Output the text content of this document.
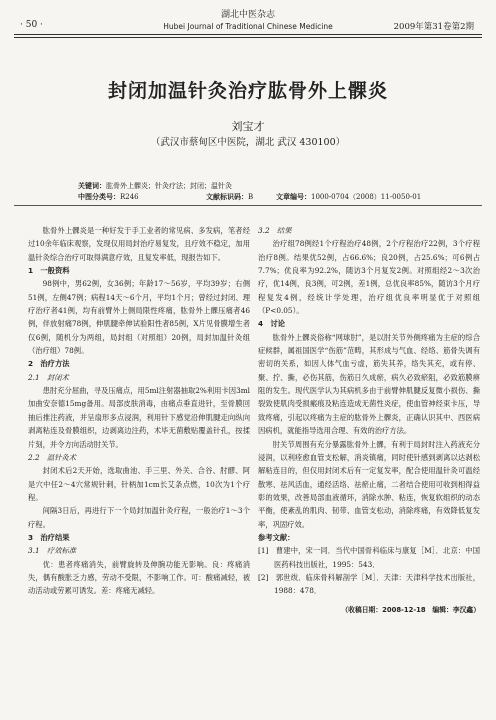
· 50 ·
湖北中医杂志
Hubei Journal of Traditional Chinese Medicine	2009年第31卷第2期
封闭加温针灸治疗肱骨外上髁炎
刘宝才
（武汉市蔡甸区中医院，湖北 武汉 430100）
关键词：肱骨外上髁炎；针灸疗法；封闭；温针灸
中图分类号：R246	文献标识码：B	文章编号：1000-0704（2008）11-0050-01

肱骨外上髁炎是一种好发于手工业者的常见病、多发病，笔者经过10余年临床观察，发现仅用局封治疗易复发，且疗效不稳定，加用温针灸综合治疗可取得满意疗效，且复发率低，现报告如下。

1　一般资料

98例中，男62例，女36例；年龄17～56岁，平均39岁；右侧51例，左侧47例；病程14天～6个月，平均1个月；曾经过封闭、理疗治疗者41例，均有前臂外上侧局限性疼痛，肱骨外上髁压痛者46例，伴放射痛78例，伸肌腱牵伸试验阳性者85例，X片见骨膜增生者仅6例，随机分为两组，局封组（对照组）20例，局封加温针灸组（治疗组）78例。

2　治疗方法

2.1　封闭术

患肘充分屈曲，寻及压痛点，用5ml注射器抽取2%利用卡因3ml加曲安奈德15mg备用。局部皮肤消毒，由痛点垂直进针，至骨膜回抽后推注药液，并呈扇形多点浸润，利用针下感觉沿伸肌腱走向纵向剥离粘连及骨膜组织，边剥离边注药，术毕无菌敷贴覆盖针孔，按揉片刻，并令方向活动肘关节。

2.2　温针灸术

封闭术后2天开始，选取曲池、手三里、外关、合谷、肘髎、阿是穴中任2～4穴常规针刺，针柄加1cm长艾条点燃，10次为1个疗程。

间隔3日后，再进行下一个局封加温针灸疗程，一般治疗1～3个疗程。

3　治疗结果

3.1　疗效标准

优：患者疼痛消失，前臂旋转及伸腕功能无影响。良：疼痛消失，偶有酸胀乏力感，劳动不受限，不影响工作。可：酸痛减轻，被动活动或劳累可诱发。差：疼痛无减轻。

3.2　结果

治疗组78例经1个疗程治疗48例，2个疗程治疗22例，3个疗程治疗8例。结果优52例，占66.6%；良20例，占25.6%；可6例占7.7%；优良率为92.2%，随访3个月复发2例。对照组经2～3次治疗，优14例，良3例，可2例，差1例，总优良率85%，随访3个月疗程复发4例，经统计学处理，治疗组优良率明显优于对照组（P<0.05）。

4　讨论

肱骨外上髁炎俗称“网球肘”，是以肘关节外侧疼痛为主症的综合症候群，属祖国医学“伤筋”范畴，其形成与气血、经络、筋骨失调有密切的关系，如因人体气血亏虚，筋失其养，络失其充，或有停、聚、拧、撕，必伤其筋，伤筋日久成瘀，病久必致瘀阻，必致筋膜痹阻的发生。现代医学认为其病机多由于前臂伸肌腱反复微小损伤、撕裂致使肌肉受损瘢痕及粘连造成无菌性炎症，使血管神经束卡压，导致疼痛，引起以疼痛为主症的肱骨外上髁炎，正确认识其中、西医病因病机，就能指导选用合理、有效的治疗方法。

肘关节周围有充分暴露肱骨外上髁，有利于局封时注入药液充分浸润，以利痊愈血管支松解，消炎镇痛，同时使针感到剥离以达剥松解粘连目的，但仅用封闭术后有一定复发率，配合使用温针灸可温经散寒、祛风活血，通经活络、祛瘀止痛，二者结合使用可收到相得益彰的效果，改善局部血液循环，消除水肿、粘连，恢复软组织的动态平衡，使紊乱的肌肉、韧带、血管支松动，消除疼痛，有效降低复发率，巩固疗效。

参考文献：

[1]　曹建中，宋一同．当代中国骨科临床与康复［M］．北京：中国医药科技出版社，1995：543．

[2]　郭世绂．临床骨科解剖学［M］．天津：天津科学技术出版社，1988：478．

（收稿日期：2008-12-18　编辑：李汉鑫）
